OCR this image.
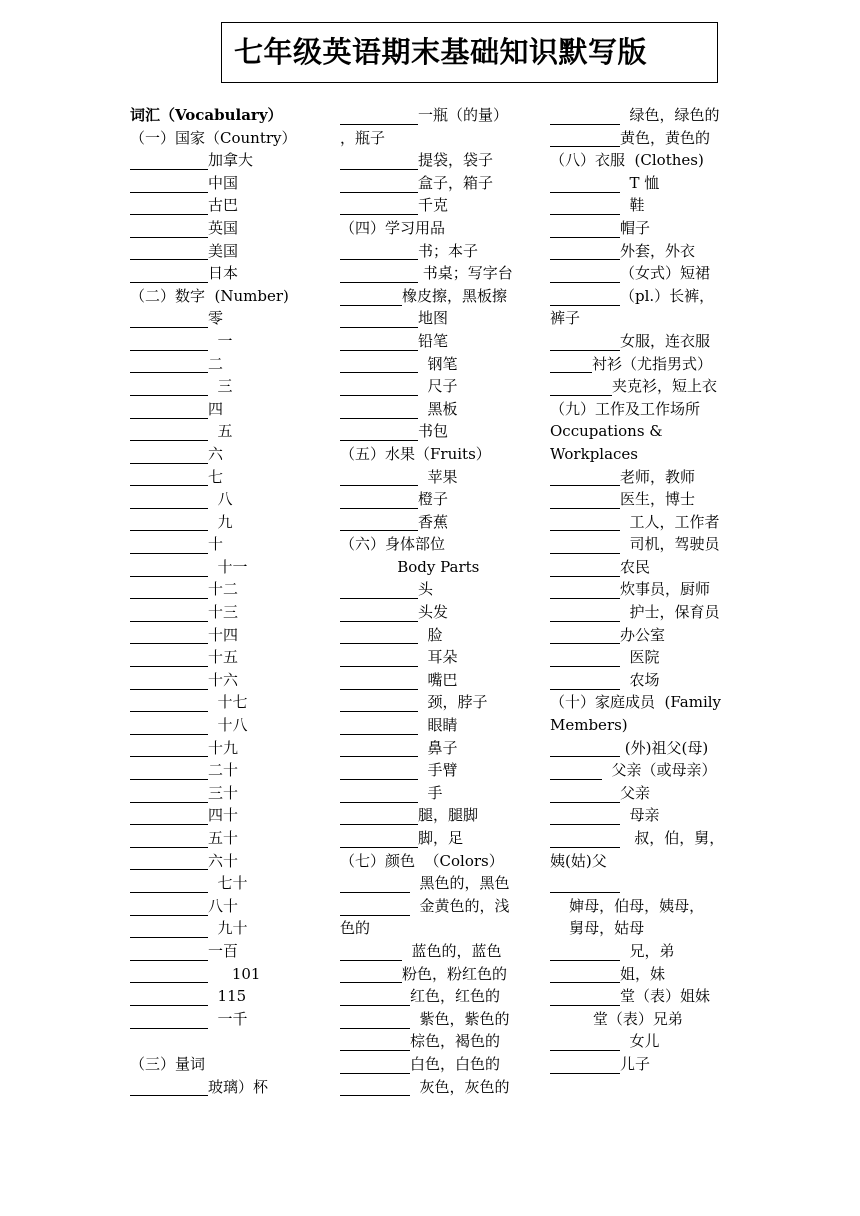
七年级英语期末基础知识默写版
词汇（Vocabulary）
（一）国家（Country）
加拿大
中国
古巴
英国
美国
日本
（二）数字  (Number)
零
一
二
三
四
五
六
七
八
九
十
十一
十二
十三
十四
十五
十六
十七
十八
十九
二十
三十
四十
五十
六十
七十
八十
九十
一百
101
115
一千
（三）量词
玻璃）杯
一瓶（的量）
，瓶子
提袋，袋子
盒子，箱子
千克
（四）学习用品
书；本子
书桌；写字台
橡皮擦，黑板擦
地图
铅笔
钢笔
尺子
黑板
书包
（五）水果（Fruits）
苹果
橙子
香蕉
（六）身体部位
Body Parts
头
头发
脸
耳朵
嘴巴
颈，脖子
眼睛
鼻子
手臂
手
腿，腿脚
脚，足
（七）颜色  （Colors）
黑色的，黑色
金黄色的，浅
色的
蓝色的，蓝色
粉色，粉红色的
红色，红色的
紫色，紫色的
棕色，褐色的
白色，白色的
灰色，灰色的
绿色，绿色的
黄色，黄色的
（八）衣服  (Clothes)
T 恤
鞋
帽子
外套，外衣
（女式）短裙
（pl.）长裤，
裤子
女服，连衣服
衬衫（尤指男式）
夹克衫，短上衣
（九）工作及工作场所
Occupations &
Workplaces
老师，教师
医生，博士
工人，工作者
司机，驾驶员
农民
炊事员，厨师
护士，保育员
办公室
医院
农场
（十）家庭成员  (Family
Members)
(外)祖父(母)
父亲（或母亲）
父亲
母亲
叔，伯，舅，
姨(姑)父
婶母，伯母，姨母，
舅母，姑母
兄，弟
姐，妹
堂（表）姐妹
堂（表）兄弟
女儿
儿子
